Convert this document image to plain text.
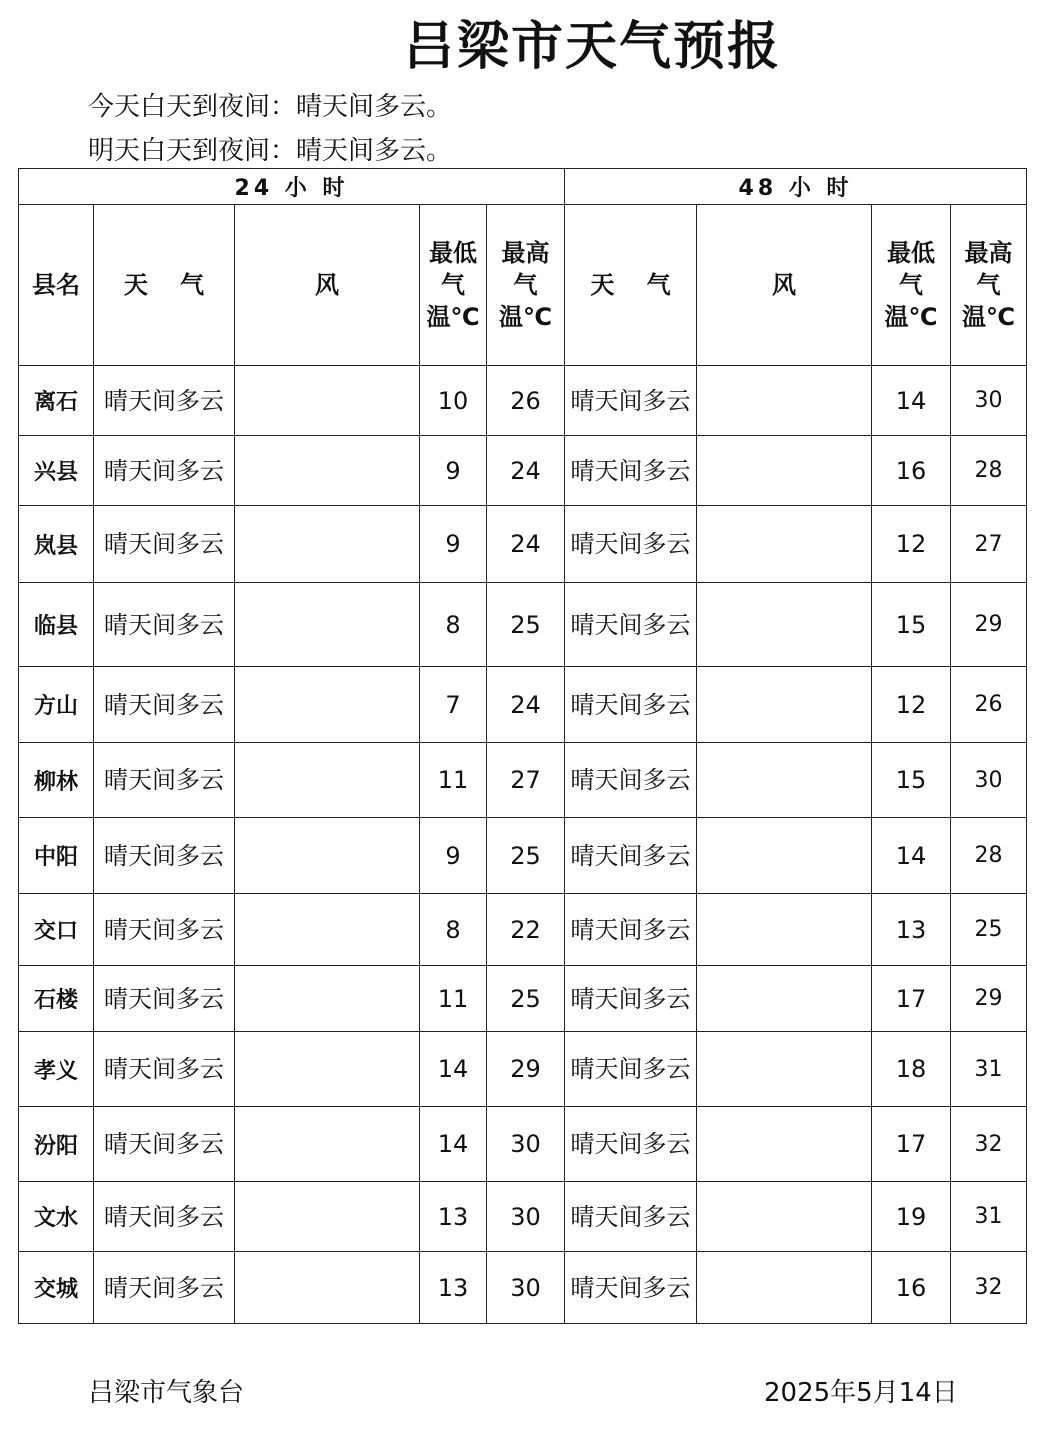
吕梁市天气预报
今天白天到夜间：晴天间多云。
明天白天到夜间：晴天间多云。
24 小 时					48 小 时			
县名	天　 气	风	最低气温℃	最高气温℃	天　 气	风	最低气温℃	最高气温℃
离石	晴天间多云		10	26	晴天间多云		14	30
兴县	晴天间多云		9	24	晴天间多云		16	28
岚县	晴天间多云		9	24	晴天间多云		12	27
临县	晴天间多云		8	25	晴天间多云		15	29
方山	晴天间多云		7	24	晴天间多云		12	26
柳林	晴天间多云		11	27	晴天间多云		15	30
中阳	晴天间多云		9	25	晴天间多云		14	28
交口	晴天间多云		8	22	晴天间多云		13	25
石楼	晴天间多云		11	25	晴天间多云		17	29
孝义	晴天间多云		14	29	晴天间多云		18	31
汾阳	晴天间多云		14	30	晴天间多云		17	32
文水	晴天间多云		13	30	晴天间多云		19	31
交城	晴天间多云		13	30	晴天间多云		16	32
吕梁市气象台	2025年5月14日
